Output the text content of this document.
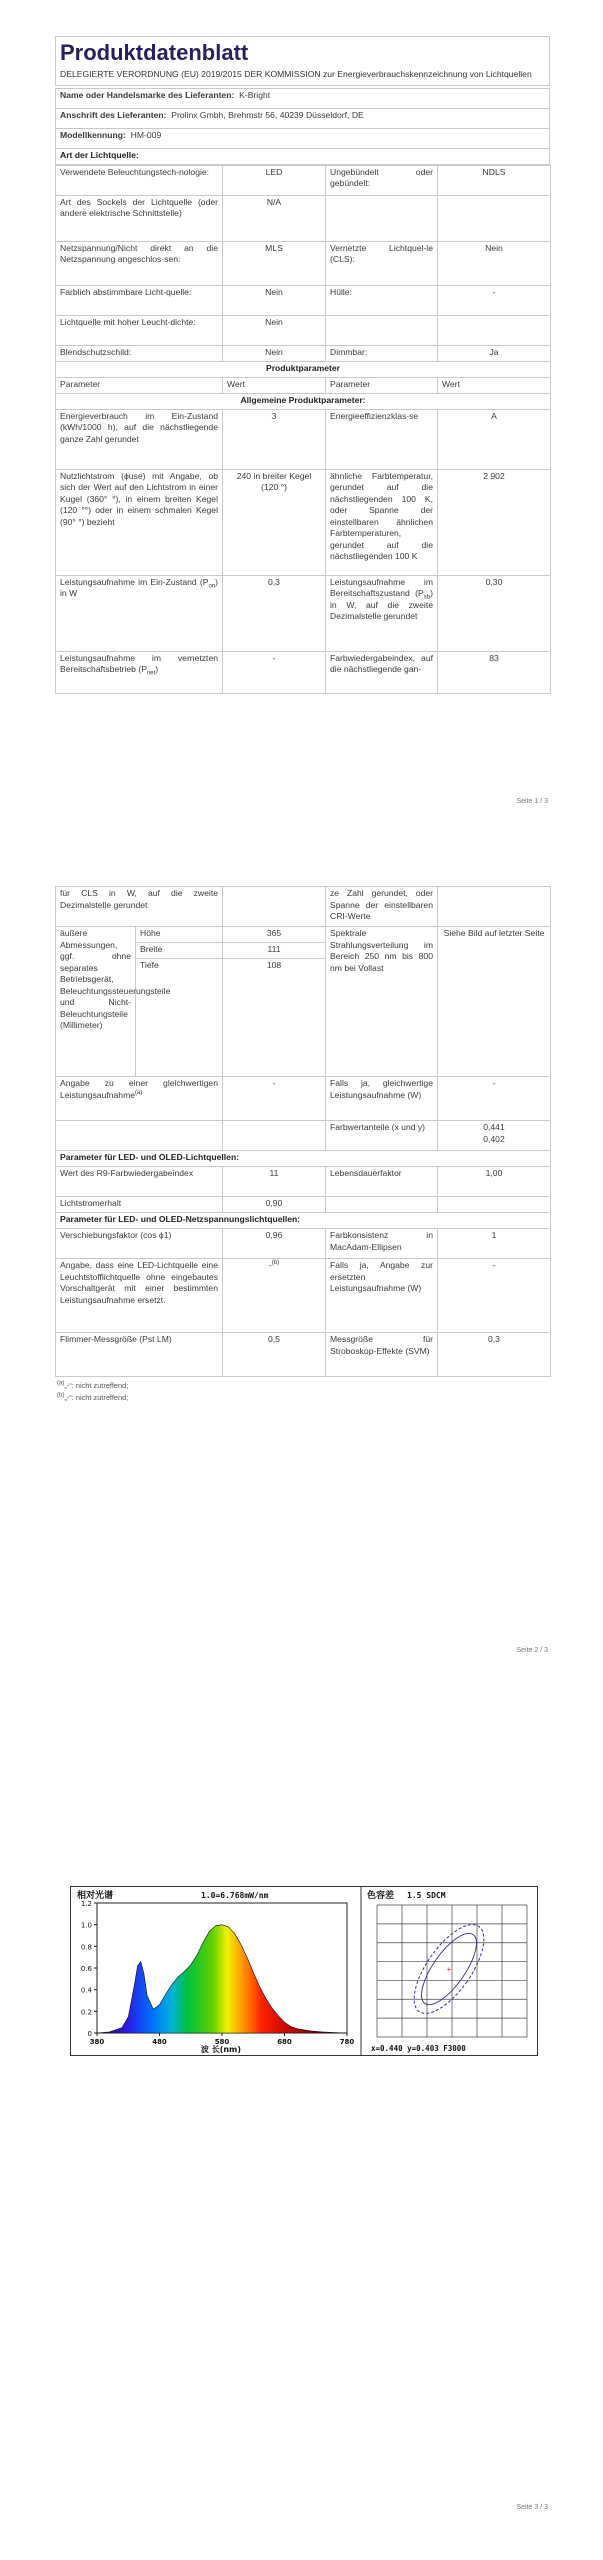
Produktdatenblatt
DELEGIERTE VERORDNUNG (EU) 2019/2015 DER KOMMISSION zur Energieverbrauchskennzeichnung von Lichtquellen
Name oder Handelsmarke des Lieferanten: K-Bright
Anschrift des Lieferanten: Prolinx Gmbh, Brehmstr 56, 40239 Düsseldorf, DE
Modellkennung: HM-009
Art der Lichtquelle:
Verwendete Beleuchtungstech-nologie:	LED	Ungebündelt oder gebündelt:	NDLS
Art des Sockels der Lichtquelle (oder andere elektrische Schnittstelle)	N/A		
Netzspannung/Nicht direkt an die Netzspannung angeschlos-sen:	MLS	Vernetzte Lichtquel-le (CLS):	Nein
Farblich abstimmbare Licht-quelle:	Nein	Hülle:	-
Lichtquelle mit hoher Leucht-dichte:	Nein		
Blendschutzschild:	Nein	Dimmbar:	Ja
Produktparameter			
Parameter	Wert	Parameter	Wert
Allgemeine Produktparameter:			
Energieverbrauch im Ein-Zustand (kWh/1000 h), auf die nächstliegende ganze Zahl gerundet	3	Energieeffizienzklas-se	A
Nutzlichtstrom (ϕuse) mit Angabe, ob sich der Wert auf den Lichtstrom in einer Kugel (360° °), in einem breiten Kegel (120 °°) oder in einem schmalen Kegel (90° °) bezieht	240 in breiter Kegel (120 °)	ähnliche Farbtemperatur, gerundet auf die nächstliegenden 100 K, oder Spanne der einstellbaren ähnlichen Farbtemperaturen, gerundet auf die nächstliegenden 100 K	2 902
Leistungsaufnahme im Ein-Zustand $(P_{on})$ in W	0,3	Leistungsaufnahme im Bereitschaftszustand $(P_{sb})$ in W, auf die zweite Dezimalstelle gerundet	0,30
Leistungsaufnahme im vernetzten Bereitschaftsbetrieb $(P_{net})$	-	Farbwiedergabeindex, auf die nächstliegende gan-	83
Seite 1 / 3
für CLS in W, auf die zweite Dezimalstelle gerundet			ze Zahl gerundet, oder Spanne der einstellbaren CRI-Werte	
äußere Abmessungen, ggf. ohne separates Betriebsgerät, Beleuchtungssteuerungsteile und Nicht-Beleuchtungsteile (Millimeter)	Höhe	365	Spektrale Strahlungsverteilung im Bereich 250 nm bis 800 nm bei Vollast	Siehe Bild auf letzter Seite
	Breite	111		
	Tiefe	108		
Angabe zu einer gleichwertigen Leistungsaufnahme$^{(a)}$		-	Falls ja, gleichwertige Leistungsaufnahme (W)	-
			Farbwertanteile (x und y)	0,441
0,402

Parameter für LED- und OLED-Lichtquellen:				
Wert des R9-Farbwiedergabeindex		11	Lebensdauerfaktor	1,00
Lichtstromerhalt		0,90		
Parameter für LED- und OLED-Netzspannungslichtquellen:				
Verschiebungsfaktor (cos ϕ1)		0,96	Farbkonsistenz in MacAdam-Ellipsen	1
Angabe, dass eine LED-Lichtquelle eine Leuchtstofflichtquelle ohne eingebautes Vorschaltgerät mit einer bestimmten Leistungsaufnahme ersetzt.		-$^{(b)}$	Falls ja, Angabe zur ersetzten Leistungsaufnahme (W)	-
Flimmer-Messgröße (Pst LM)		0,5	Messgröße für Stroboskop-Effekte (SVM)	0,3
$^{(a)}$„-“: nicht zutreffend;
$^{(b)}$„-“: nicht zutreffend;
Seite 2 / 3
相对光谱	1.0=6.768mW/nm
0
0.2
0.4
0.6
0.8
1.0
1.2
380	480	580	680	780
波 长(nm)
色容差 1.5 SDCM
+
x=0.440 y=0.403 F3000
Seite 3 / 3
